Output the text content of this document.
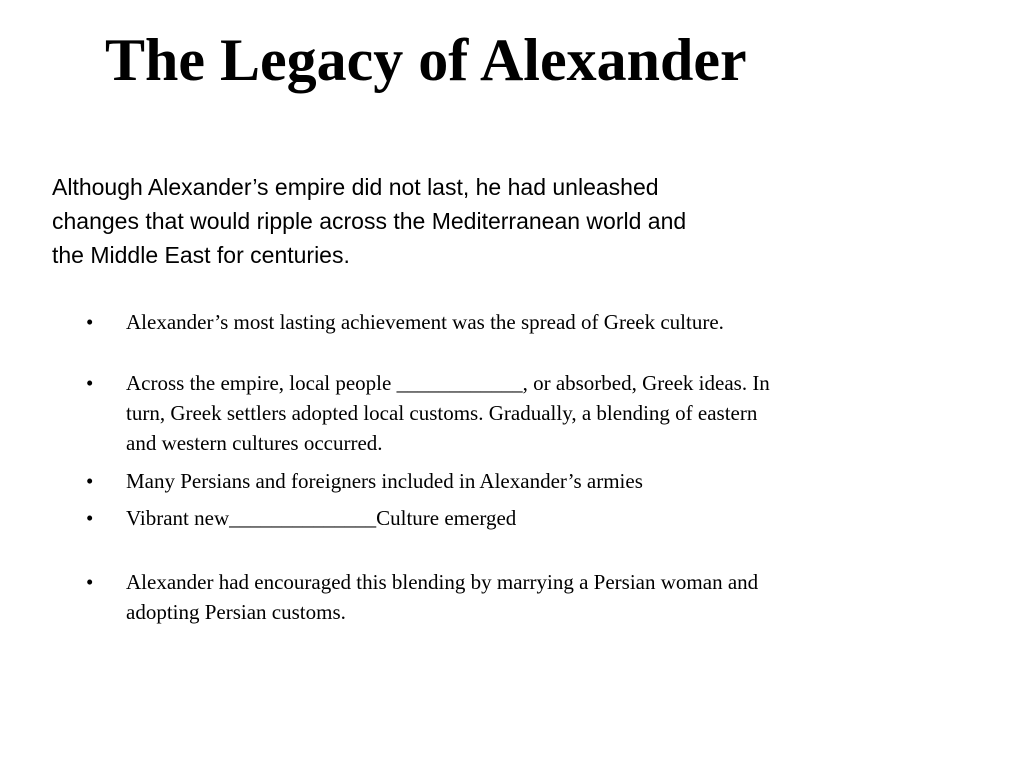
The Legacy of Alexander

Although Alexander’s empire did not last, he had unleashed
changes that would ripple across the Mediterranean world and
the Middle East for centuries.

• Alexander’s most lasting achievement was the spread of Greek culture.
• Across the empire, local people ____________, or absorbed, Greek ideas. In
turn, Greek settlers adopted local customs. Gradually, a blending of eastern
and western cultures occurred.
• Many Persians and foreigners included in Alexander’s armies
• Vibrant new______________Culture emerged
• Alexander had encouraged this blending by marrying a Persian woman and
adopting Persian customs.
